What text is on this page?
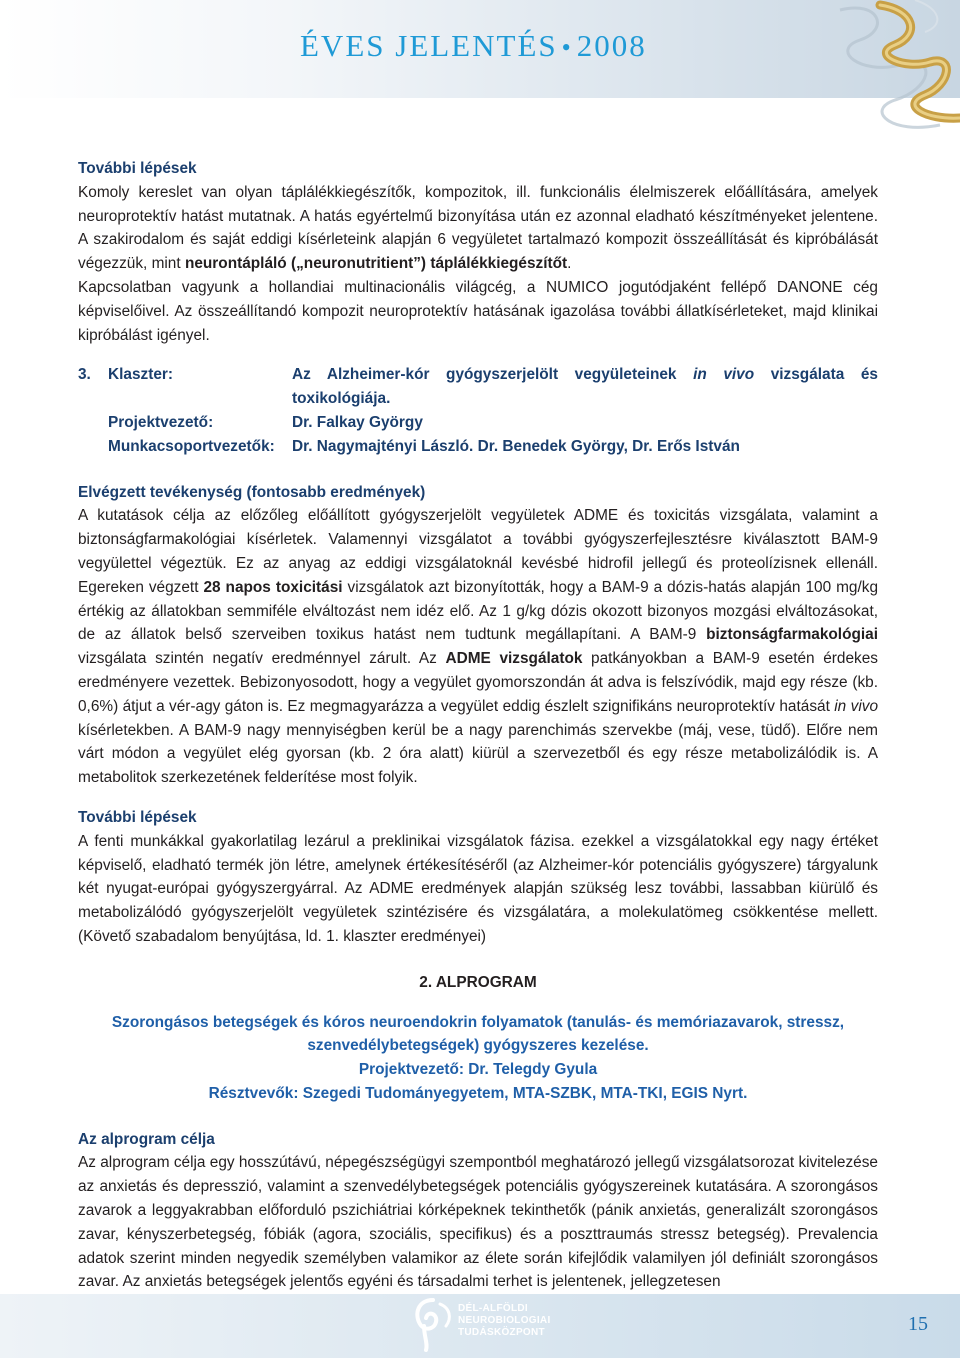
ÉVES JELENTÉS • 2008

További lépések

Komoly kereslet van olyan táplálékkiegészítők, kompozitok, ill. funkcionális élelmiszerek előállítására, amelyek neuroprotektív hatást mutatnak. A hatás egyértelmű bizonyítása után ez azonnal eladható készítményeket jelentene. A szakirodalom és saját eddigi kísérleteink alapján 6 vegyületet tartalmazó kompozit összeállítását és kipróbálását végezzük, mint neurontápláló („neuronutritient”) táplálékkiegészítőt.

Kapcsolatban vagyunk a hollandiai multinacionális világcég, a NUMICO jogutódjaként fellépő DANONE cég képviselőivel. Az összeállítandó kompozit neuroprotektív hatásának igazolása további állatkísérleteket, majd klinikai kipróbálást igényel.

3.	Klaszter:	Az Alzheimer-kór gyógyszerjelölt vegyületeinek in vivo vizsgálata és toxikológiája.
Projektvezető:	Dr. Falkay György
Munkacsoportvezetők:	Dr. Nagymajtényi László. Dr. Benedek György, Dr. Erős István

Elvégzett tevékenység (fontosabb eredmények)

A kutatások célja az előzőleg előállított gyógyszerjelölt vegyületek ADME és toxicitás vizsgálata, valamint a biztonságfarmakológiai kísérletek. Valamennyi vizsgálatot a további gyógyszerfejlesztésre kiválasztott BAM-9 vegyülettel végeztük. Ez az anyag az eddigi vizsgálatoknál kevésbé hidrofil jellegű és proteolízisnek ellenáll. Egereken végzett 28 napos toxicitási vizsgálatok azt bizonyították, hogy a BAM-9 a dózis-hatás alapján 100 mg/kg értékig az állatokban semmiféle elváltozást nem idéz elő. Az 1 g/kg dózis okozott bizonyos mozgási elváltozásokat, de az állatok belső szerveiben toxikus hatást nem tudtunk megállapítani. A BAM-9 biztonságfarmakológiai vizsgálata szintén negatív eredménnyel zárult. Az ADME vizsgálatok patkányokban a BAM-9 esetén érdekes eredményere vezettek. Bebizonyosodott, hogy a vegyület gyomorszondán át adva is felszívódik, majd egy része (kb. 0,6%) átjut a vér-agy gáton is. Ez megmagyarázza a vegyület eddig észlelt szignifikáns neuroprotektív hatását in vivo kísérletekben. A BAM-9 nagy mennyiségben kerül be a nagy parenchimás szervekbe (máj, vese, tüdő). Előre nem várt módon a vegyület elég gyorsan (kb. 2 óra alatt) kiürül a szervezetből és egy része metabolizálódik is. A metabolitok szerkezetének felderítése most folyik.

További lépések

A fenti munkákkal gyakorlatilag lezárul a preklinikai vizsgálatok fázisa. ezekkel a vizsgálatokkal egy nagy értéket képviselő, eladható termék jön létre, amelynek értékesítéséről (az Alzheimer-kór potenciális gyógyszere) tárgyalunk két nyugat-európai gyógyszergyárral. Az ADME eredmények alapján szükség lesz további, lassabban kiürülő és metabolizálódó gyógyszerjelölt vegyületek szintézisére és vizsgálatára, a molekulatömeg csökkentése mellett. (Követő szabadalom benyújtása, ld. 1. klaszter eredményei)

2. ALPROGRAM

Szorongásos betegségek és kóros neuroendokrin folyamatok (tanulás- és memóriazavarok, stressz, szenvedélybetegségek) gyógyszeres kezelése.

Projektvezető: Dr. Telegdy Gyula

Résztvevők: Szegedi Tudományegyetem, MTA-SZBK, MTA-TKI, EGIS Nyrt.

Az alprogram célja

Az alprogram célja egy hosszútávú, népegészségügyi szempontból meghatározó jellegű vizsgálatsorozat kivitelezése az anxietás és depresszió, valamint a szenvedélybetegségek potenciális gyógyszereinek kutatására. A szorongásos zavarok a leggyakrabban előforduló pszichiátriai kórképeknek tekinthetők (pánik anxietás, generalizált szorongásos zavar, kényszerbetegség, fóbiák (agora, szociális, specifikus) és a poszttraumás stressz betegség). Prevalencia adatok szerint minden negyedik személyben valamikor az élete során kifejlődik valamilyen jól definiált szorongásos zavar. Az anxietás betegségek jelentős egyéni és társadalmi terhet is jelentenek, jellegzetesen

DÉL-ALFÖLDI
NEUROBIOLOGIAI
TUDÁSKÖZPONT	15
